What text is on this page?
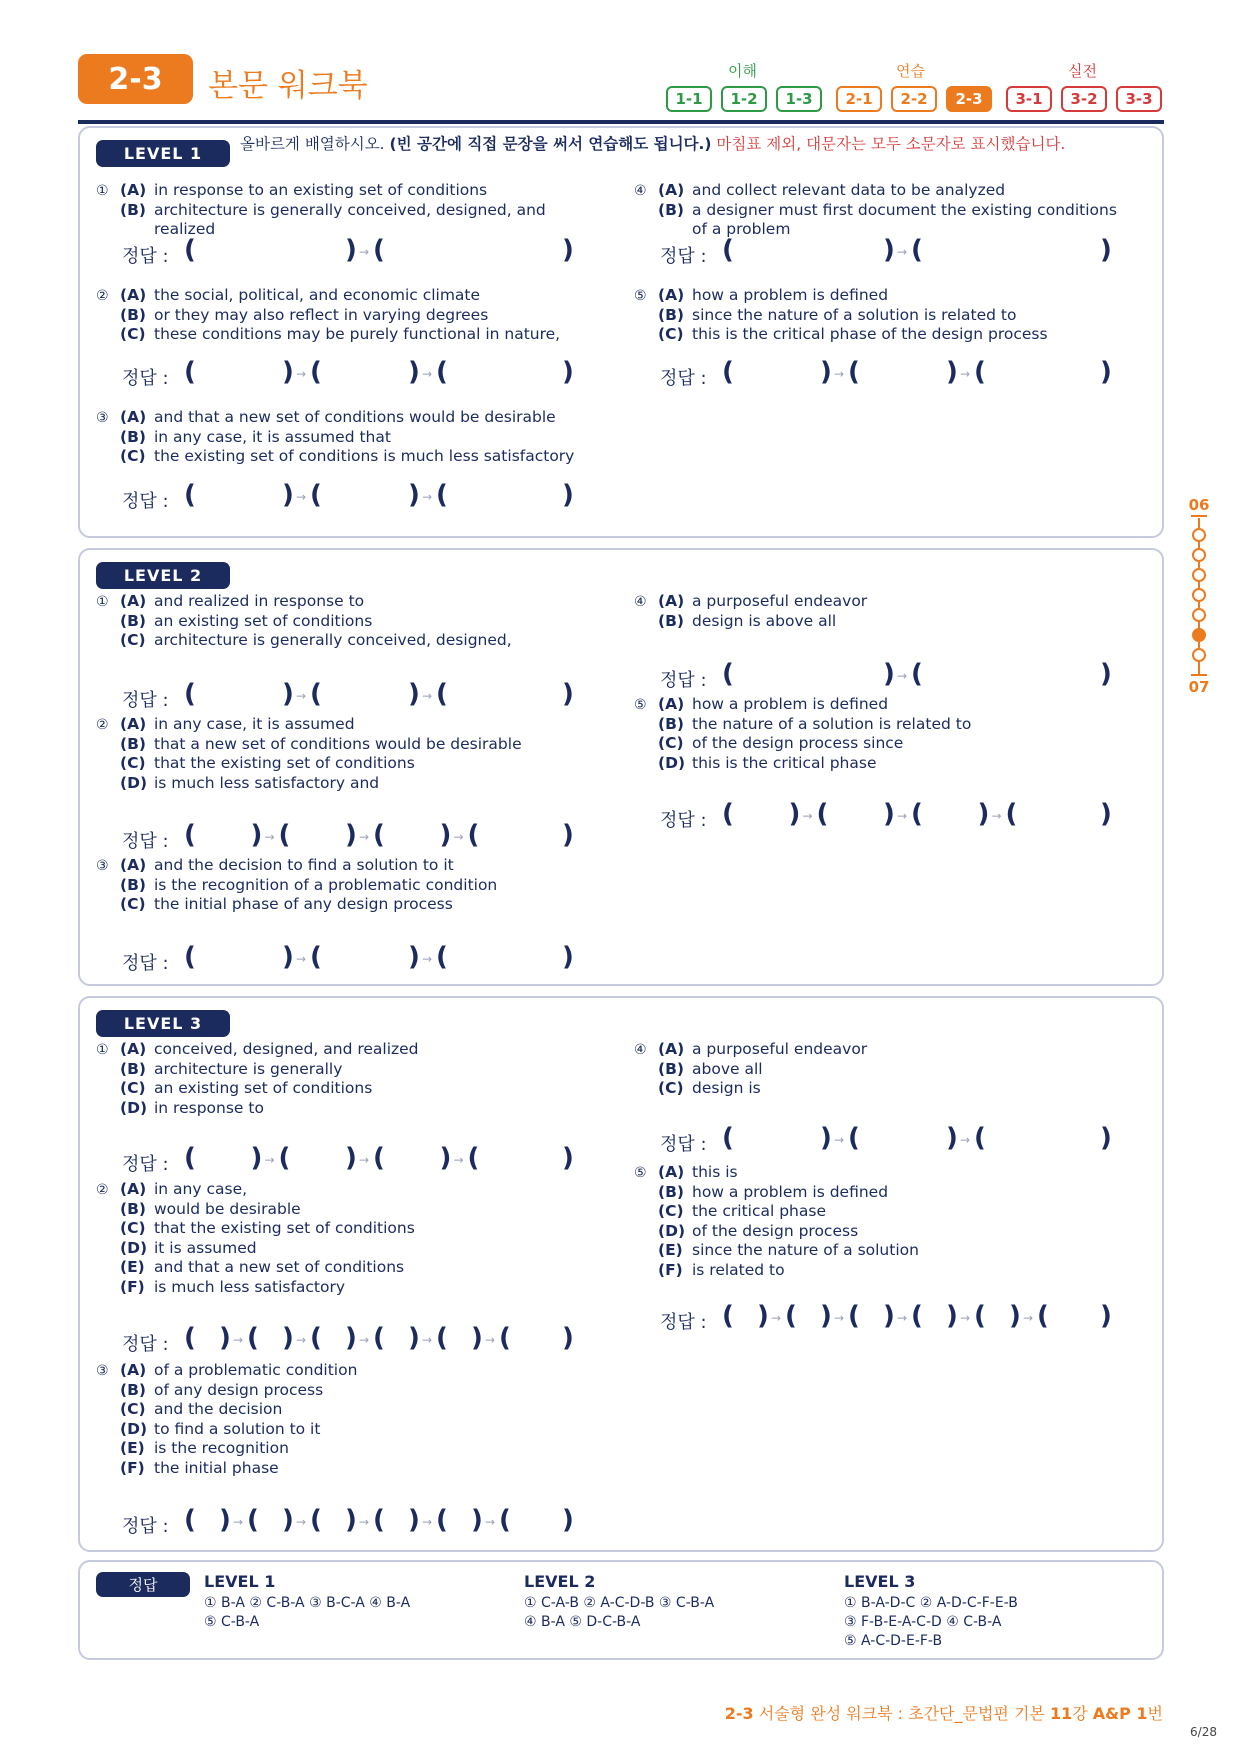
2-3	본문 워크북	이해	연습	실전
1-1	1-2	1-3	2-1	2-2	2-3	3-1	3-2	3-3
06
07
LEVEL 1	올바르게 배열하시오. (빈 공간에 직접 문장을 써서 연습해도 됩니다.) 마침표 제외, 대문자는 모두 소문자로 표시했습니다.
① (A) in response to an existing set of conditions
(B) architecture is generally conceived, designed, and realized
정답 : (	) → (	)
② (A) the social, political, and economic climate
(B) or they may also reflect in varying degrees
(C) these conditions may be purely functional in nature,
정답 : (	) → (	) → (	)
③ (A) and that a new set of conditions would be desirable
(B) in any case, it is assumed that
(C) the existing set of conditions is much less satisfactory
정답 : (	) → (	) → (	)
④ (A) and collect relevant data to be analyzed
(B) a designer must first document the existing conditions of a problem
정답 : (	) → (	)
⑤ (A) how a problem is defined
(B) since the nature of a solution is related to
(C) this is the critical phase of the design process
정답 : (	) → (	) → (	)
LEVEL 2
① (A) and realized in response to
(B) an existing set of conditions
(C) architecture is generally conceived, designed,
정답 : (	) → (	) → (	)
② (A) in any case, it is assumed
(B) that a new set of conditions would be desirable
(C) that the existing set of conditions
(D) is much less satisfactory and
정답 : ( ) → ( ) → ( ) → (	)
③ (A) and the decision to find a solution to it
(B) is the recognition of a problematic condition
(C) the initial phase of any design process
정답 : (	) → (	) → (	)
④ (A) a purposeful endeavor
(B) design is above all
정답 : (	) → (	)
⑤ (A) how a problem is defined
(B) the nature of a solution is related to
(C) of the design process since
(D) this is the critical phase
정답 : ( ) → ( ) → ( ) → (	)
LEVEL 3
① (A) conceived, designed, and realized
(B) architecture is generally
(C) an existing set of conditions
(D) in response to
정답 : ( ) → ( ) → ( ) → (	)
② (A) in any case,
(B) would be desirable
(C) that the existing set of conditions
(D) it is assumed
(E) and that a new set of conditions
(F) is much less satisfactory
정답 : ( ) → ( ) → ( ) → ( ) → ( ) → ( )
③ (A) of a problematic condition
(B) of any design process
(C) and the decision
(D) to find a solution to it
(E) is the recognition
(F) the initial phase
정답 : ( ) → ( ) → ( ) → ( ) → ( ) → ( )
④ (A) a purposeful endeavor
(B) above all
(C) design is
정답 : (	) → (	) → (	)
⑤ (A) this is
(B) how a problem is defined
(C) the critical phase
(D) of the design process
(E) since the nature of a solution
(F) is related to
정답 : ( ) → ( ) → ( ) → ( ) → ( ) → ( )
정답	LEVEL 1
① B-A ② C-B-A ③ B-C-A ④ B-A
⑤ C-B-A
LEVEL 2
① C-A-B ② A-C-D-B ③ C-B-A
④ B-A ⑤ D-C-B-A
LEVEL 3
① B-A-D-C ② A-D-C-F-E-B
③ F-B-E-A-C-D ④ C-B-A
⑤ A-C-D-E-F-B
2-3 서술형 완성 워크북 : 초간단_문법편 기본 11강 A&P 1번
6/28
